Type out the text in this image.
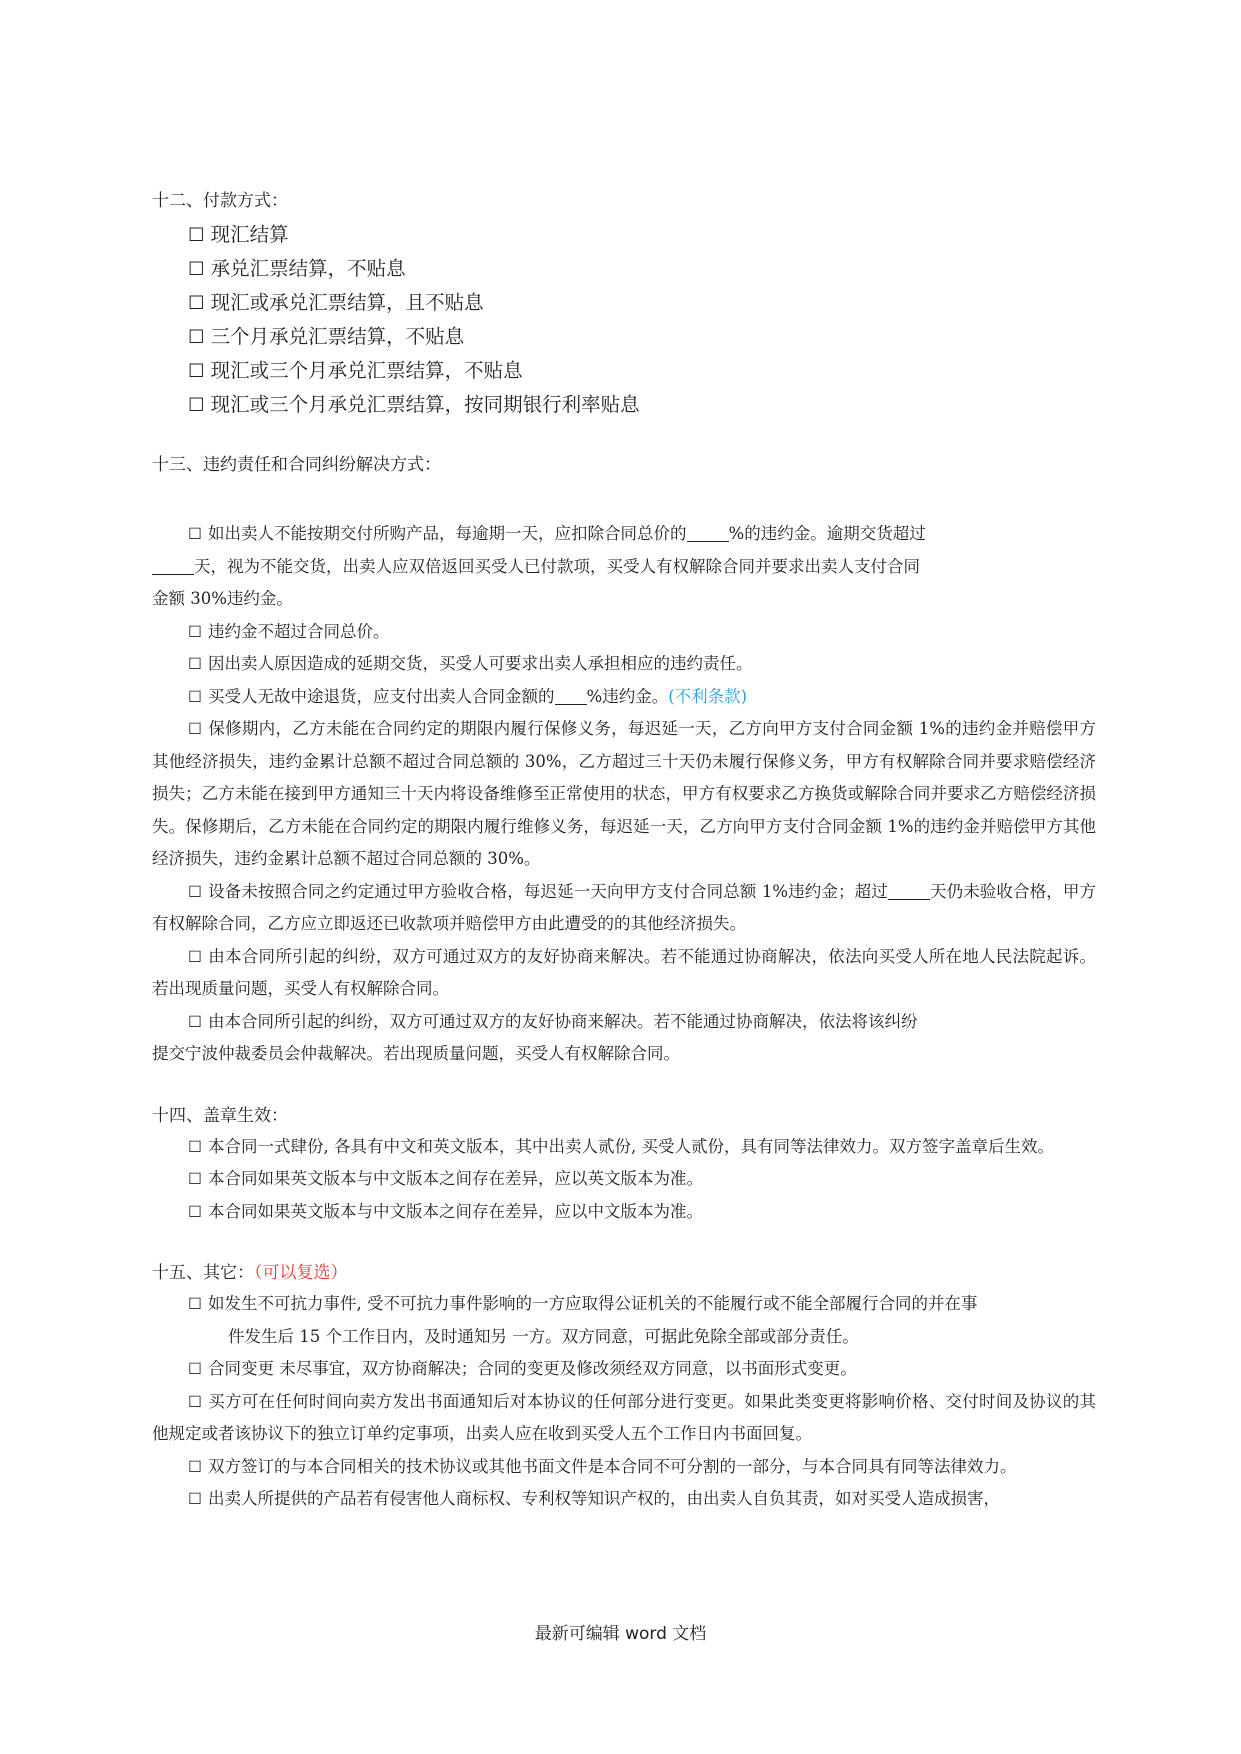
十二、付款方式：

☐ 现汇结算

☐ 承兑汇票结算，不贴息

☐ 现汇或承兑汇票结算，且不贴息

☐ 三个月承兑汇票结算，不贴息

☐ 现汇或三个月承兑汇票结算，不贴息

☐ 现汇或三个月承兑汇票结算，按同期银行利率贴息

十三、违约责任和合同纠纷解决方式：

☐ 如出卖人不能按期交付所购产品，每逾期一天，应扣除合同总价的	%的违约金。逾期交货超过

天，视为不能交货，出卖人应双倍返回买受人已付款项，买受人有权解除合同并要求出卖人支付合同

金额 30%违约金。

☐ 违约金不超过合同总价。

☐ 因出卖人原因造成的延期交货，买受人可要求出卖人承担相应的违约责任。

☐ 买受人无故中途退货，应支付出卖人合同金额的 %违约金。(不利条款)

☐ 保修期内，乙方未能在合同约定的期限内履行保修义务，每迟延一天，乙方向甲方支付合同金额 1%的违约金并赔偿甲方其他经济损失，违约金累计总额不超过合同总额的 30%，乙方超过三十天仍未履行保修义务，甲方有权解除合同并要求赔偿经济损失；乙方未能在接到甲方通知三十天内将设备维修至正常使用的状态，甲方有权要求乙方换货或解除合同并要求乙方赔偿经济损失。保修期后，乙方未能在合同约定的期限内履行维修义务，每迟延一天，乙方向甲方支付合同金额 1%的违约金并赔偿甲方其他经济损失，违约金累计总额不超过合同总额的 30%。

☐ 设备未按照合同之约定通过甲方验收合格，每迟延一天向甲方支付合同总额 1%违约金；超过	天仍未验收合格，甲方有权解除合同，乙方应立即返还已收款项并赔偿甲方由此遭受的的其他经济损失。

☐ 由本合同所引起的纠纷，双方可通过双方的友好协商来解决。若不能通过协商解决，依法向买受人所在地人民法院起诉。若出现质量问题，买受人有权解除合同。

☐ 由本合同所引起的纠纷，双方可通过双方的友好协商来解决。若不能通过协商解决，依法将该纠纷

提交宁波仲裁委员会仲裁解决。若出现质量问题，买受人有权解除合同。

十四、盖章生效：

☐ 本合同一式肆份, 各具有中文和英文版本，其中出卖人贰份, 买受人贰份，具有同等法律效力。双方签字盖章后生效。

☐ 本合同如果英文版本与中文版本之间存在差异，应以英文版本为准。

☐ 本合同如果英文版本与中文版本之间存在差异，应以中文版本为准。

十五、其它：（可以复选）

☐ 如发生不可抗力事件, 受不可抗力事件影响的一方应取得公证机关的不能履行或不能全部履行合同的并在事
件发生后 15 个工作日内，及时通知另 一方。双方同意，可据此免除全部或部分责任。

☐ 合同变更 未尽事宜，双方协商解决；合同的变更及修改须经双方同意，以书面形式变更。

☐ 买方可在任何时间向卖方发出书面通知后对本协议的任何部分进行变更。如果此类变更将影响价格、交付时间及协议的其他规定或者该协议下的独立订单约定事项，出卖人应在收到买受人五个工作日内书面回复。

☐ 双方签订的与本合同相关的技术协议或其他书面文件是本合同不可分割的一部分，与本合同具有同等法律效力。

☐ 出卖人所提供的产品若有侵害他人商标权、专利权等知识产权的，由出卖人自负其责，如对买受人造成损害，

最新可编辑 word 文档
